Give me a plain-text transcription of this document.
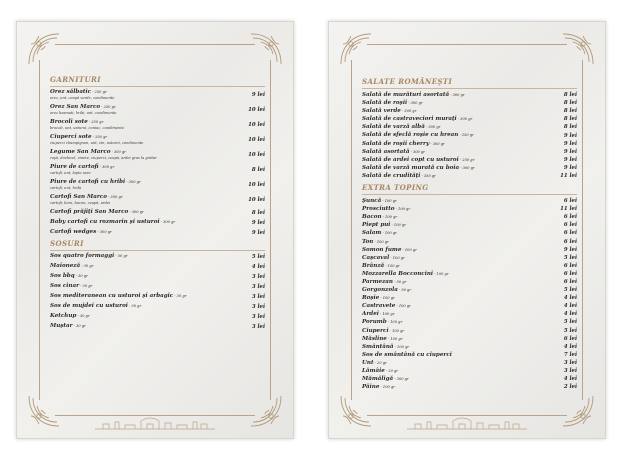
GARNITURI
Orez sălbatic - 250 gr
orez, unt, ceapă verde, condimente	9 lei
Orez San Marco - 250 gr
orez basmati, hribi, unt, condimente	10 lei
Brocoli sote - 250 gr
brocoli, unt, usturoi, coniac, condimente	10 lei
Ciuperci sote - 250 gr
ciuperci champignon, unt, vin, usturoi, condimente	10 lei
Legume San Marco - 300 gr
roşii, dovlecel, vinete, ciuperci, ceapă, ardei gras la grătar	10 lei
Piure de cartofi - 300 gr
cartofi, unt, lapte sare	8 lei
Piure de cartofi cu hribi - 300 gr
cartofi, unt, hribi	10 lei
Cartofi San Marco - 300 gr
cartofi, bors, bacon, ceapă, ardei	10 lei
Cartofi prăjiţi San Marco - 300 gr	8 lei
Baby cartofi cu rozmarin şi usturoi - 300 gr	9 lei
Cartofi wedges - 300 gr	9 lei
SOSURI
Sos quatro formaggi - 50 gr	5 lei
Maioneză - 30 gr	4 lei
Sos bbq - 30 gr	3 lei
Sos cinar - 30 gr	3 lei
Sos mediteranean cu usturoi şi arbagic - 30 gr	3 lei
Sos de mujdei cu usturoi - 30 gr	3 lei
Ketchup - 30 gr	3 lei
Muştar - 30 gr	3 lei
SALATE ROMÂNEŞTI
Salată de murături asortată - 300 gr	8 lei
Salată de roşii - 300 gr	8 lei
Salată verde - 300 gr	8 lei
Salată de castraveciori muraţi - 300 gr	8 lei
Salată de varză albă - 300 gr	8 lei
Salată de sfeclă roşie cu hrean - 250 gr	9 lei
Salată de roşii cherry - 300 gr	9 lei
Salată asortată - 300 gr	9 lei
Salată de ardei copt cu usturoi - 250 gr	9 lei
Salată de varză murată cu boia - 300 gr	9 lei
Salată de crudităţi - 350 gr	11 lei
EXTRA TOPING
Şuncă - 100 gr	6 lei
Prosciutto - 100 gr	11 lei
Bacon - 100 gr	6 lei
Piept pui - 100 gr	6 lei
Salam - 100 gr	6 lei
Ton - 100 gr	6 lei
Somon fume - 100 gr	9 lei
Caşcaval - 100 gr	5 lei
Brânză - 100 gr	6 lei
Mozzarella Bocconcini - 100 gr	6 lei
Parmezan - 50 gr	6 lei
Gorgonzola - 50 gr	5 lei
Roşie - 100 gr	4 lei
Castravete - 100 gr	4 lei
Ardei - 100 gr	4 lei
Porumb - 100 gr	5 lei
Ciuperci - 100 gr	5 lei
Măsline - 100 gr	6 lei
Smântână - 100 gr	4 lei
Sos de smântână cu ciuperci	7 lei
Unt - 20 gr	3 lei
Lămâie - 20 gr	3 lei
Mămăligă - 300 gr	4 lei
Pâine - 100 gr	2 lei
